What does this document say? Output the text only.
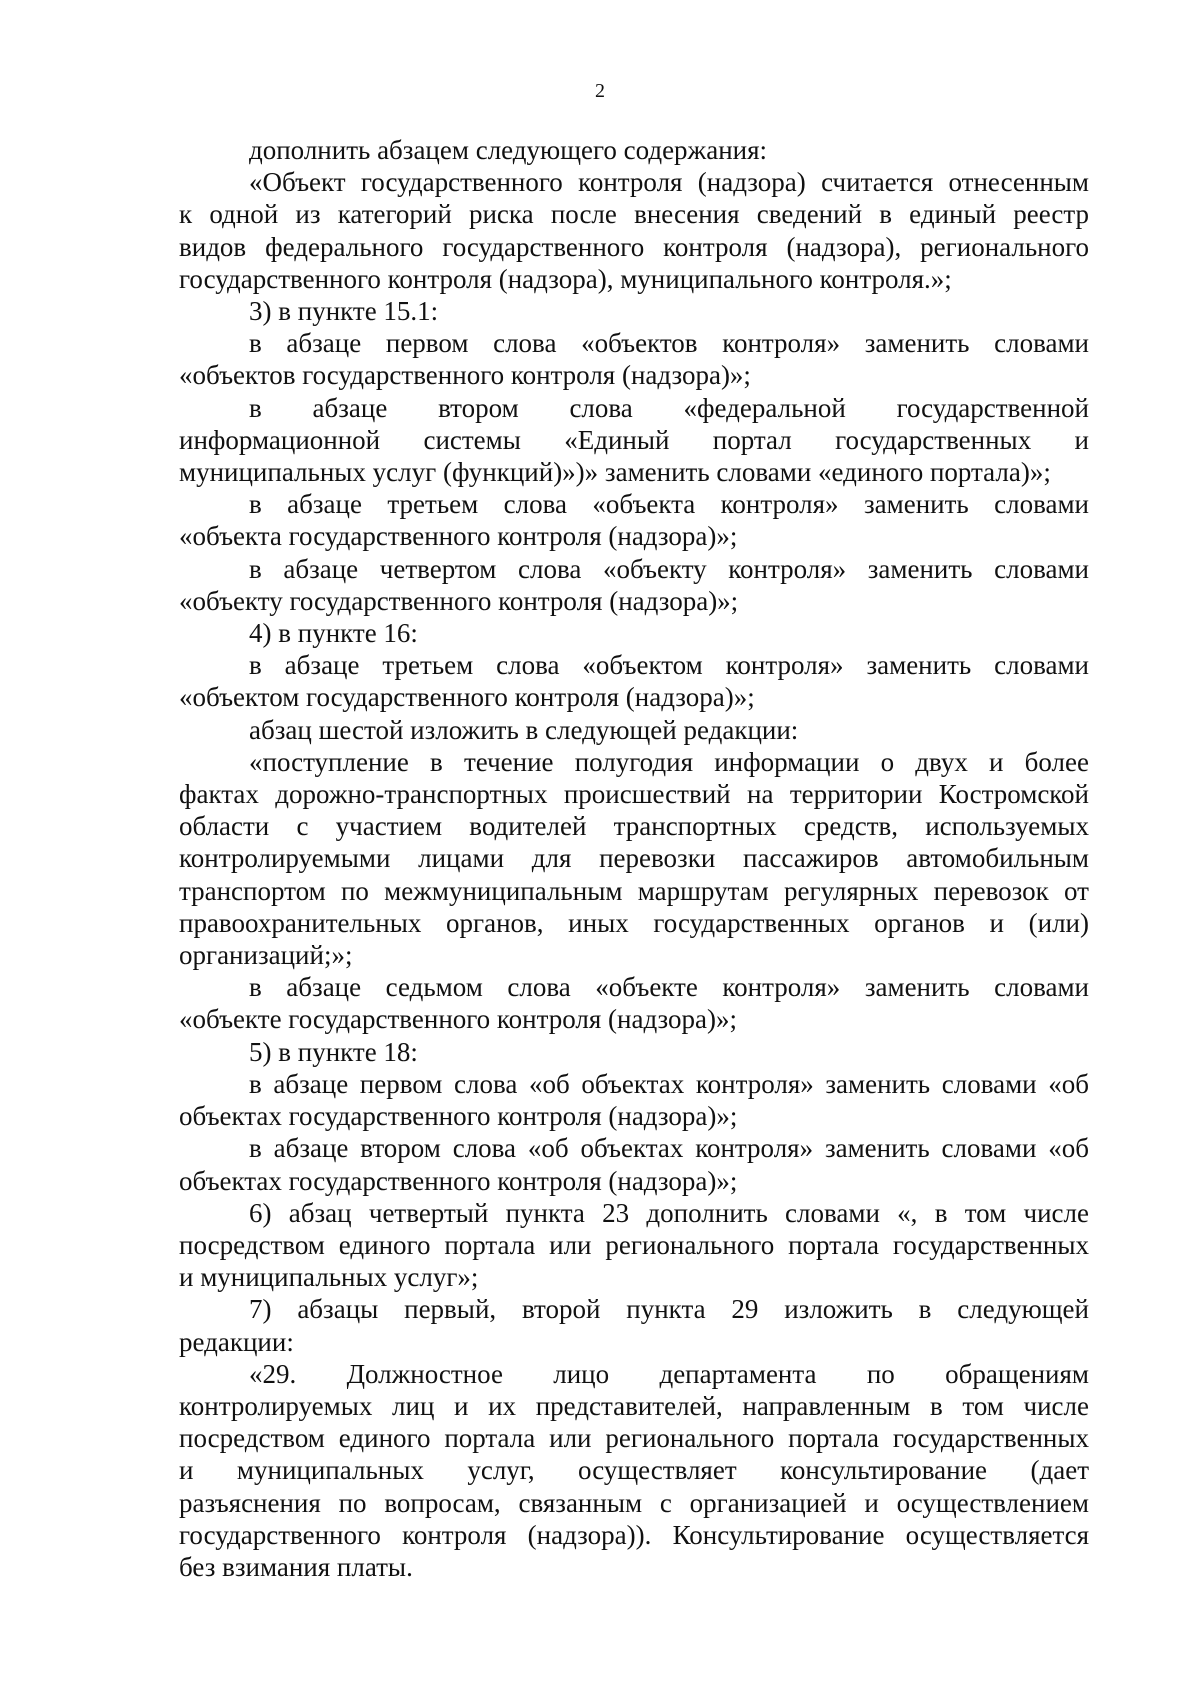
2
дополнить абзацем следующего содержания:
«Объект государственного контроля (надзора) считается отнесенным
к одной из категорий риска после внесения сведений в единый реестр
видов федерального государственного контроля (надзора), регионального
государственного контроля (надзора), муниципального контроля.»;
3) в пункте 15.1:
в абзаце первом слова «объектов контроля» заменить словами
«объектов государственного контроля (надзора)»;
в абзаце втором слова «федеральной государственной
информационной системы «Единый портал государственных и
муниципальных услуг (функций)»)» заменить словами «единого портала)»;
в абзаце третьем слова «объекта контроля» заменить словами
«объекта государственного контроля (надзора)»;
в абзаце четвертом слова «объекту контроля» заменить словами
«объекту государственного контроля (надзора)»;
4) в пункте 16:
в абзаце третьем слова «объектом контроля» заменить словами
«объектом государственного контроля (надзора)»;
абзац шестой изложить в следующей редакции:
«поступление в течение полугодия информации о двух и более
фактах дорожно-транспортных происшествий на территории Костромской
области с участием водителей транспортных средств, используемых
контролируемыми лицами для перевозки пассажиров автомобильным
транспортом по межмуниципальным маршрутам регулярных перевозок от
правоохранительных органов, иных государственных органов и (или)
организаций;»;
в абзаце седьмом слова «объекте контроля» заменить словами
«объекте государственного контроля (надзора)»;
5) в пункте 18:
в абзаце первом слова «об объектах контроля» заменить словами «об
объектах государственного контроля (надзора)»;
в абзаце втором слова «об объектах контроля» заменить словами «об
объектах государственного контроля (надзора)»;
6) абзац четвертый пункта 23 дополнить словами «, в том числе
посредством единого портала или регионального портала государственных
и муниципальных услуг»;
7) абзацы первый, второй пункта 29 изложить в следующей
редакции:
«29. Должностное лицо департамента по обращениям
контролируемых лиц и их представителей, направленным в том числе
посредством единого портала или регионального портала государственных
и муниципальных услуг, осуществляет консультирование (дает
разъяснения по вопросам, связанным с организацией и осуществлением
государственного контроля (надзора)). Консультирование осуществляется
без взимания платы.
